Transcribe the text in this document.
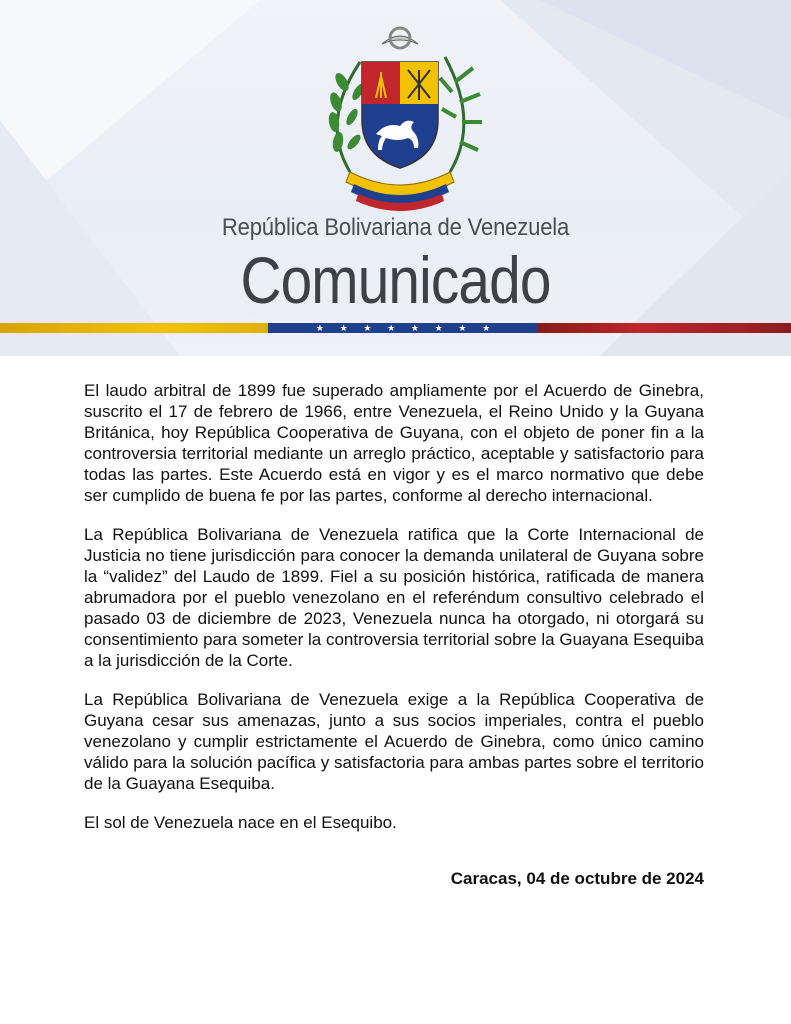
República Bolivariana de Venezuela
Comunicado
★ ★ ★ ★ ★ ★ ★ ★

El laudo arbitral de 1899 fue superado ampliamente por el Acuerdo de Ginebra, suscrito el 17 de febrero de 1966, entre Venezuela, el Reino Unido y la Guyana Británica, hoy República Cooperativa de Guyana, con el objeto de poner fin a la controversia territorial mediante un arreglo práctico, aceptable y satisfactorio para todas las partes. Este Acuerdo está en vigor y es el marco normativo que debe ser cumplido de buena fe por las partes, conforme al derecho internacional.

La República Bolivariana de Venezuela ratifica que la Corte Internacional de Justicia no tiene jurisdicción para conocer la demanda unilateral de Guyana sobre la “validez” del Laudo de 1899. Fiel a su posición histórica, ratificada de manera abrumadora por el pueblo venezolano en el referéndum consultivo celebrado el pasado 03 de diciembre de 2023, Venezuela nunca ha otorgado, ni otorgará su consentimiento para someter la controversia territorial sobre la Guayana Esequiba a la jurisdicción de la Corte.

La República Bolivariana de Venezuela exige a la República Cooperativa de Guyana cesar sus amenazas, junto a sus socios imperiales, contra el pueblo venezolano y cumplir estrictamente el Acuerdo de Ginebra, como único camino válido para la solución pacífica y satisfactoria para ambas partes sobre el territorio de la Guayana Esequiba.

El sol de Venezuela nace en el Esequibo.

Caracas, 04 de octubre de 2024
